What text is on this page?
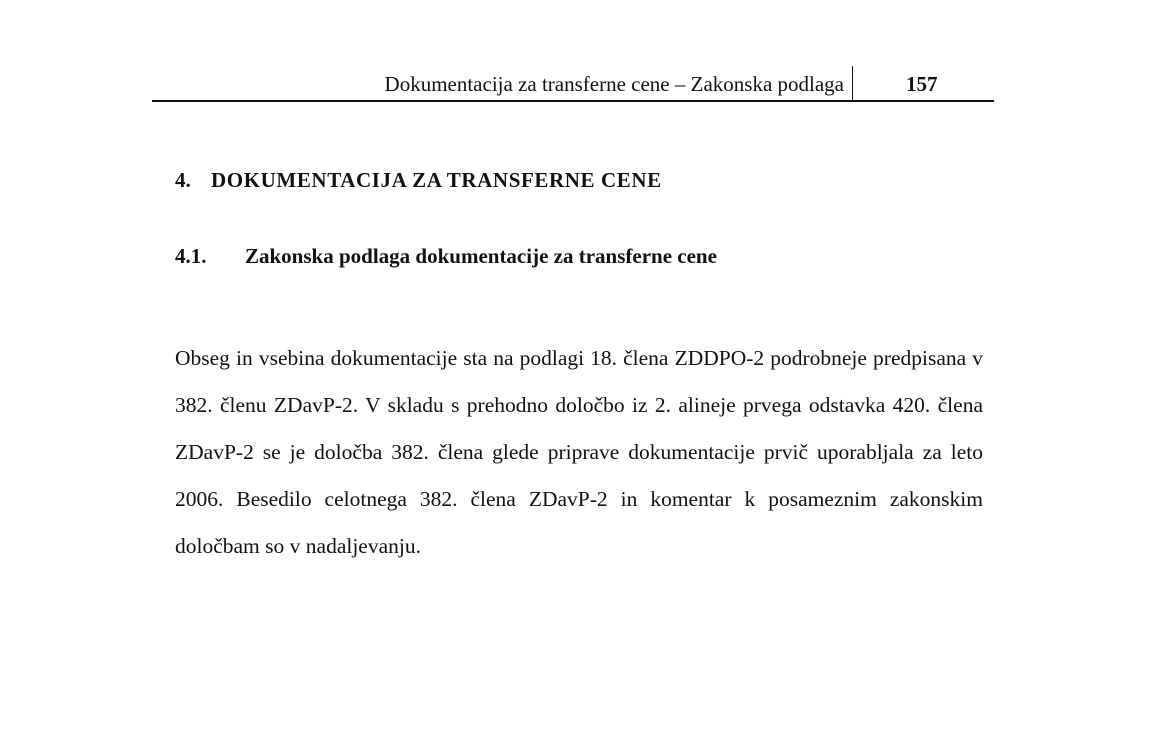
Dokumentacija za transferne cene – Zakonska podlaga	157
4. DOKUMENTACIJA ZA TRANSFERNE CENE
4.1. Zakonska podlaga dokumentacije za transferne cene

Obseg in vsebina dokumentacije sta na podlagi 18. člena ZDDPO-2 podrobneje predpisana v 382. členu ZDavP-2. V skladu s prehodno določbo iz 2. alineje prvega odstavka 420. člena ZDavP-2 se je določba 382. člena glede priprave dokumentacije prvič uporabljala za leto 2006. Besedilo celotnega 382. člena ZDavP-2 in komentar k posameznim zakonskim določbam so v nadaljevanju.
